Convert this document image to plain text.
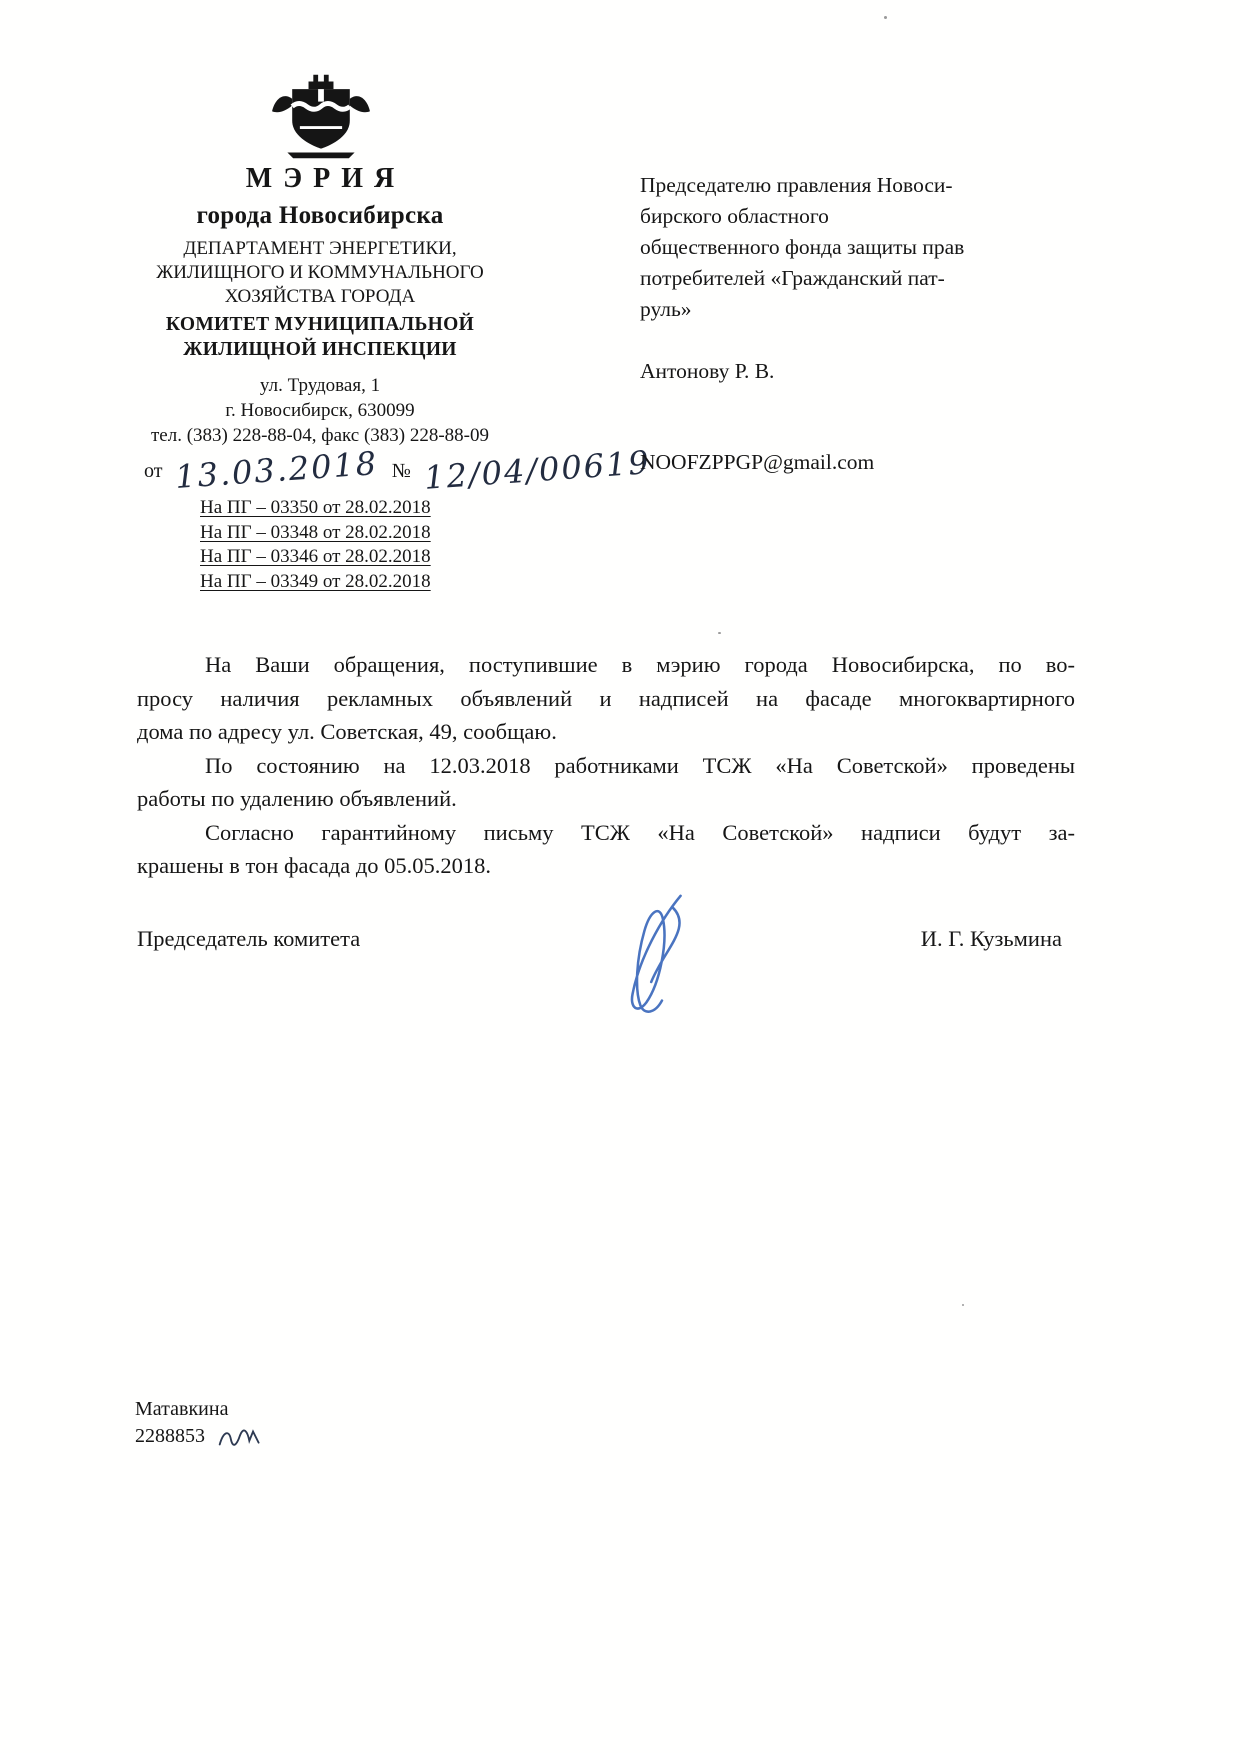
МЭРИЯ
города Новосибирска
ДЕПАРТАМЕНТ ЭНЕРГЕТИКИ,
ЖИЛИЩНОГО И КОММУНАЛЬНОГО
ХОЗЯЙСТВА ГОРОДА
КОМИТЕТ МУНИЦИПАЛЬНОЙ
ЖИЛИЩНОЙ ИНСПЕКЦИИ
ул. Трудовая, 1
г. Новосибирск, 630099
тел. (383) 228-88-04, факс (383) 228-88-09
от 13.03.2018 № 12/04/00619
На ПГ – 03350 от 28.02.2018
На ПГ – 03348 от 28.02.2018
На ПГ – 03346 от 28.02.2018
На ПГ – 03349 от 28.02.2018
Председателю правления Новоси-
бирского областного
общественного фонда защиты прав
потребителей «Гражданский пат-
руль»
Антонову Р. В.
NOOFZPPGP@gmail.com
На Ваши обращения, поступившие в мэрию города Новосибирска, по во-
просу наличия рекламных объявлений и надписей на фасаде многоквартирного
дома по адресу ул. Советская, 49, сообщаю.
По состоянию на 12.03.2018 работниками ТСЖ «На Советской» проведены
работы по удалению объявлений.
Согласно гарантийному письму ТСЖ «На Советской» надписи будут за-
крашены в тон фасада до 05.05.2018.
Председатель комитета	И. Г. Кузьмина
Матавкина
2288853
